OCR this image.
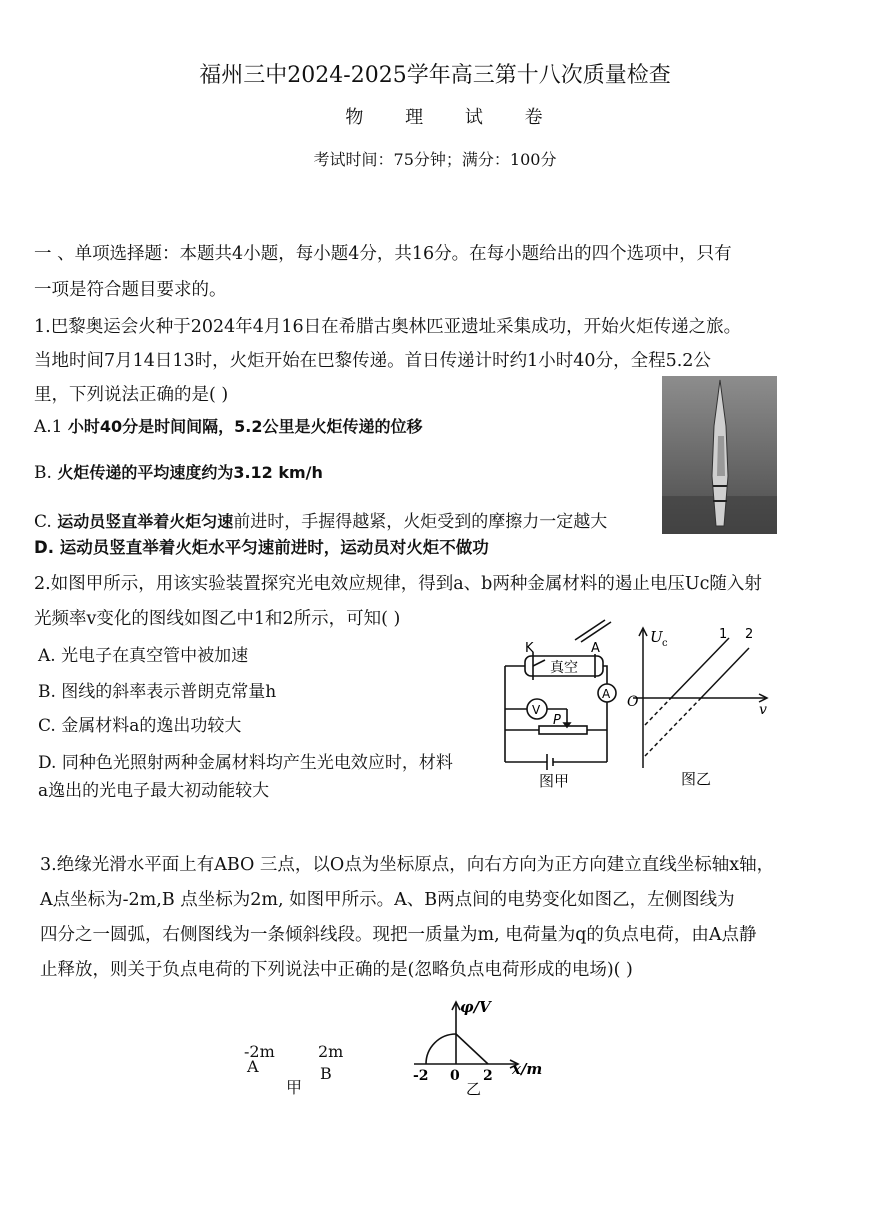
福州三中2024-2025学年高三第十八次质量检查
物 理 试 卷
考试时间：75分钟；满分：100分
一 、单项选择题：本题共4小题，每小题4分，共16分。在每小题给出的四个选项中，只有
一项是符合题目要求的。
1.巴黎奥运会火种于2024年4月16日在希腊古奥林匹亚遗址采集成功，开始火炬传递之旅。
当地时间7月14日13时，火炬开始在巴黎传递。首日传递计时约1小时40分，全程5.2公
里，下列说法正确的是( )
A.1 小时40分是时间间隔，5.2公里是火炬传递的位移
B. 火炬传递的平均速度约为3.12 km/h
C. 运动员竖直举着火炬匀速前进时，手握得越紧，火炬受到的摩擦力一定越大
D. 运动员竖直举着火炬水平匀速前进时，运动员对火炬不做功
2.如图甲所示，用该实验装置探究光电效应规律，得到a、b两种金属材料的遏止电压Uc随入射
光频率v变化的图线如图乙中1和2所示，可知( )
A. 光电子在真空管中被加速
B. 图线的斜率表示普朗克常量h
C. 金属材料a的逸出功较大
D. 同种色光照射两种金属材料均产生光电效应时，材料
a逸出的光电子最大初动能较大
K	A
真空
A
V
P
图甲
U c
v
O
1 2
图乙
3.绝缘光滑水平面上有ABO 三点，以O点为坐标原点，向右方向为正方向建立直线坐标轴x轴，
A点坐标为-2m,B 点坐标为2m, 如图甲所示。A、B两点间的电势变化如图乙，左侧图线为
四分之一圆弧，右侧图线为一条倾斜线段。现把一质量为m, 电荷量为q的负点电荷，由A点静
止释放，则关于负点电荷的下列说法中正确的是(忽略负点电荷形成的电场)( )
-2m
A
2m
B
甲
φ/V
x/m
-2 0 2
乙
